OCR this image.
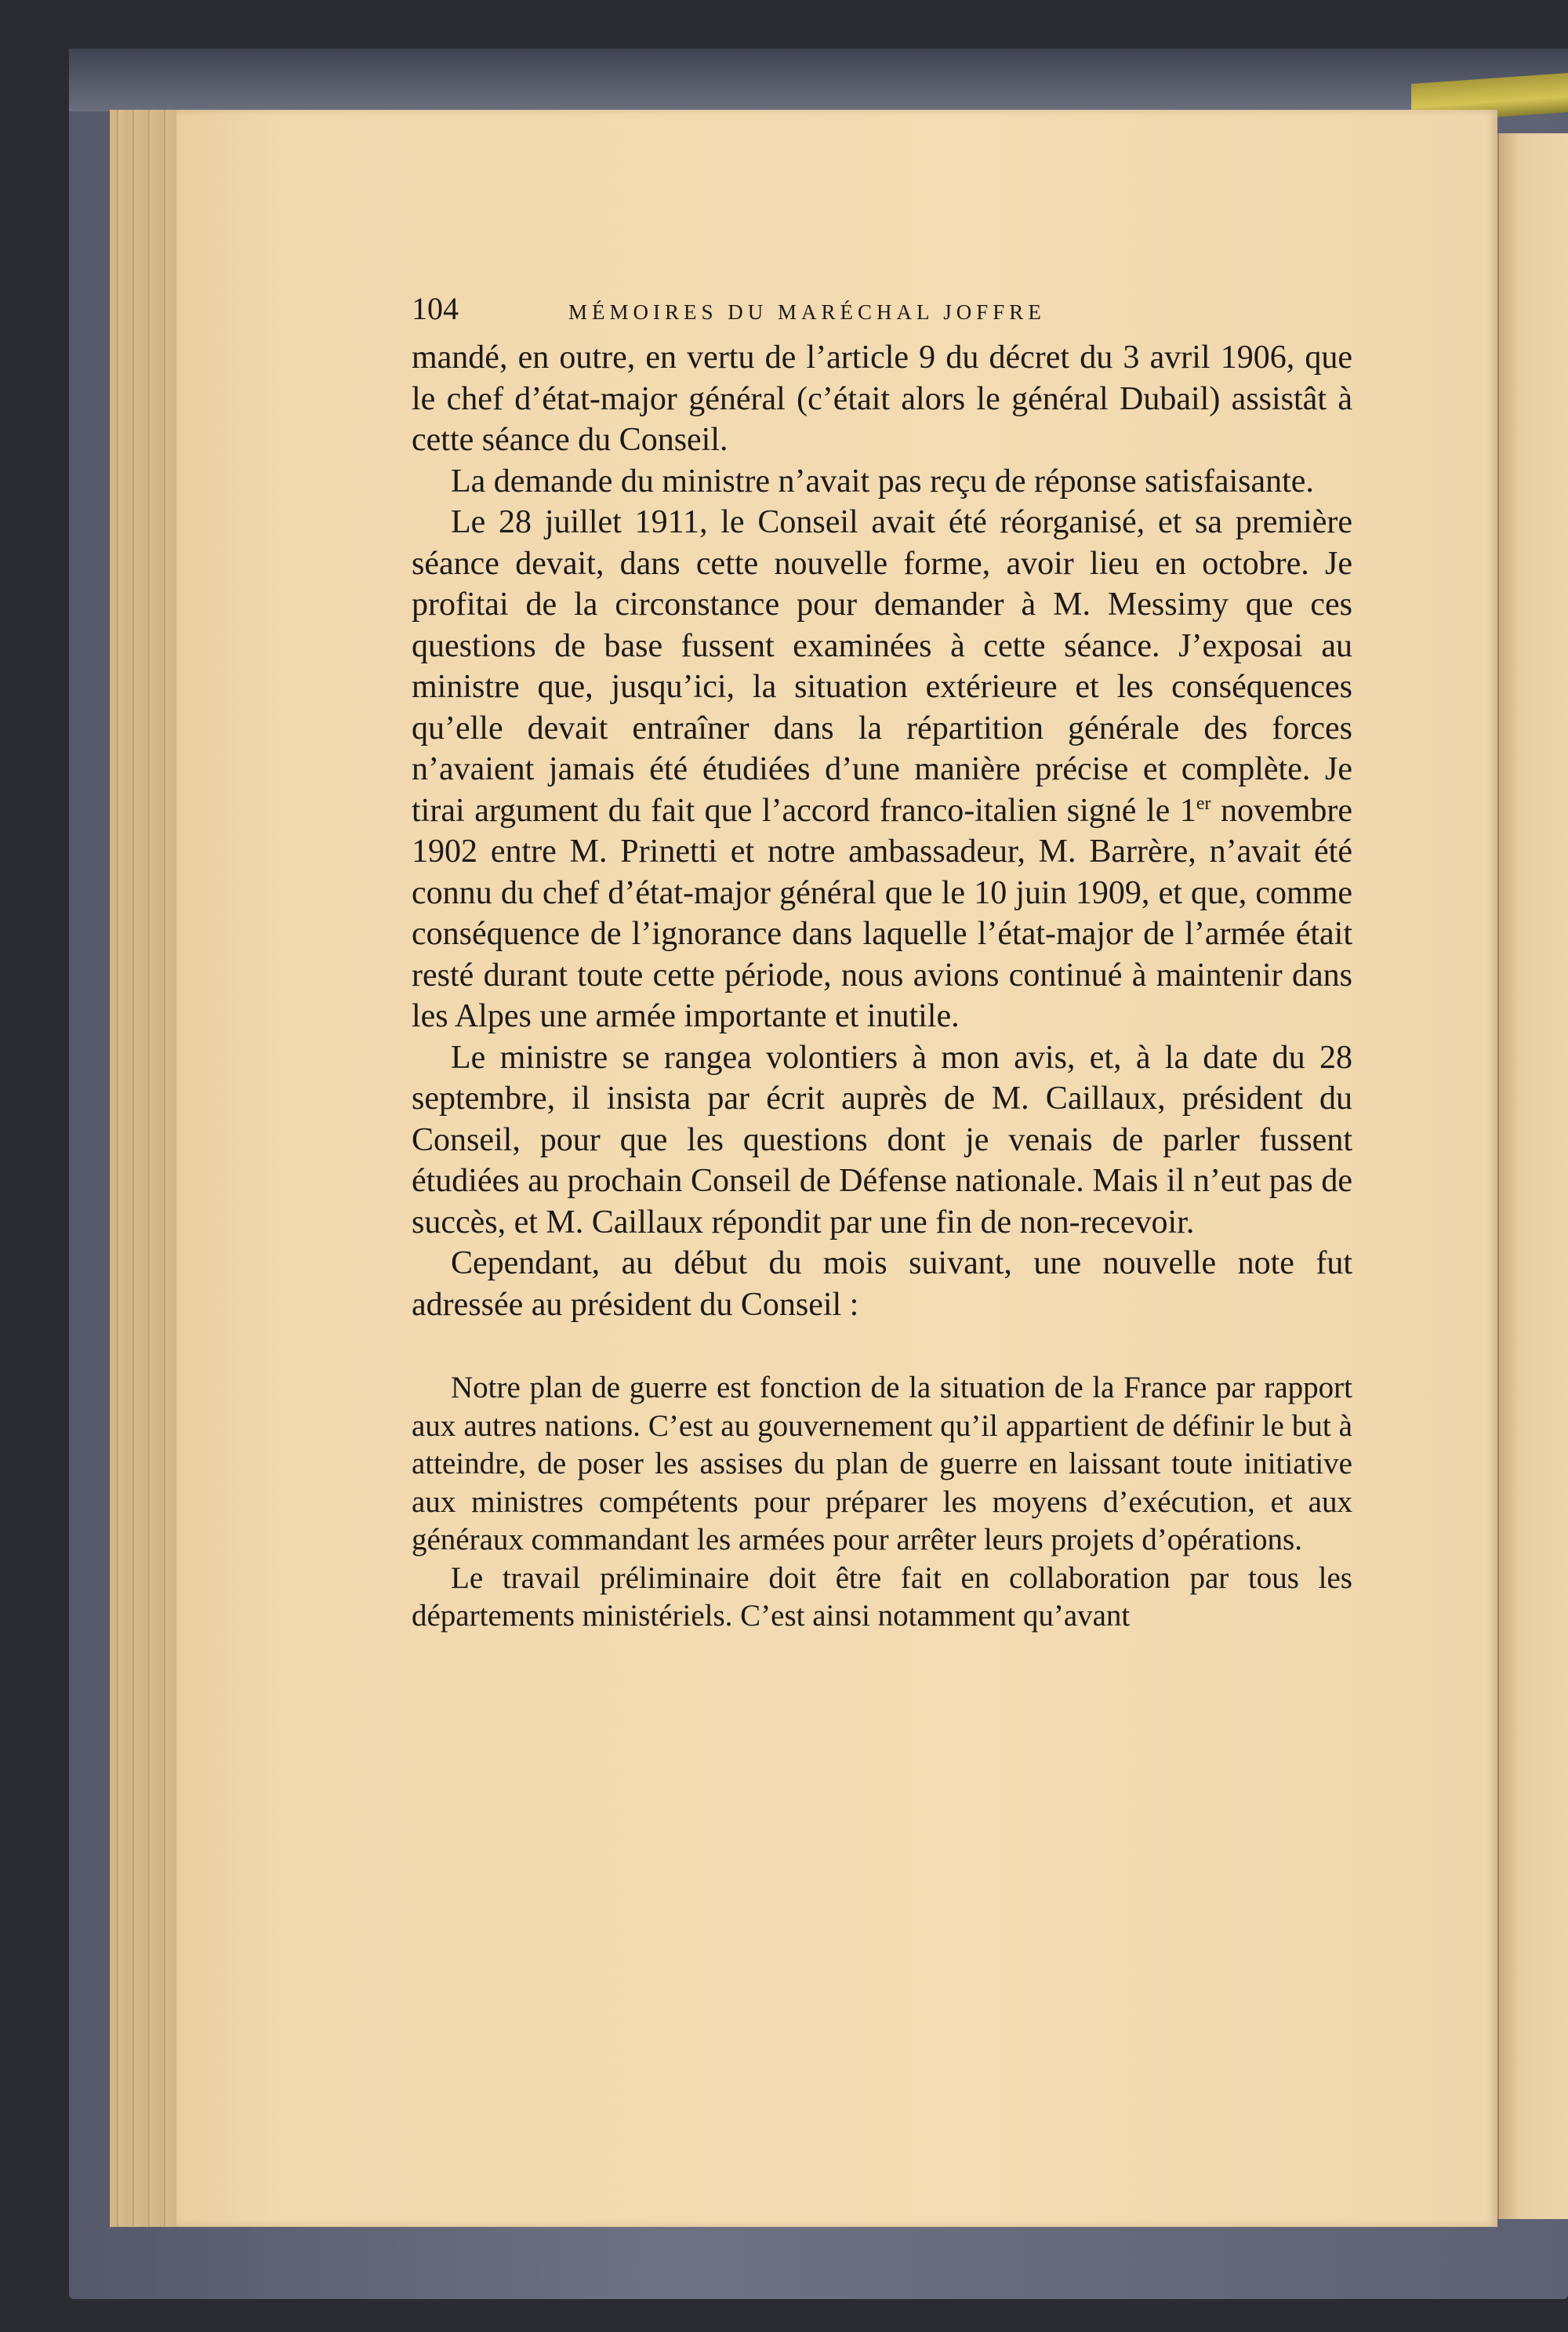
104	MÉMOIRES DU MARÉCHAL JOFFRE

mandé, en outre, en vertu de l’article 9 du décret du 3 avril 1906, que le chef d’état-major général (c’était alors le général Dubail) assistât à cette séance du Conseil.

La demande du ministre n’avait pas reçu de réponse satisfaisante.

Le 28 juillet 1911, le Conseil avait été réorganisé, et sa première séance devait, dans cette nouvelle forme, avoir lieu en octobre. Je profitai de la circonstance pour demander à M. Messimy que ces questions de base fussent examinées à cette séance. J’exposai au ministre que, jusqu’ici, la situation extérieure et les conséquences qu’elle devait entraîner dans la répartition générale des forces n’avaient jamais été étudiées d’une manière précise et complète. Je tirai argument du fait que l’accord franco-italien signé le 1er novembre 1902 entre M. Prinetti et notre ambassadeur, M. Barrère, n’avait été connu du chef d’état-major général que le 10 juin 1909, et que, comme conséquence de l’ignorance dans laquelle l’état-major de l’armée était resté durant toute cette période, nous avions continué à maintenir dans les Alpes une armée importante et inutile.

Le ministre se rangea volontiers à mon avis, et, à la date du 28 septembre, il insista par écrit auprès de M. Caillaux, président du Conseil, pour que les questions dont je venais de parler fussent étudiées au prochain Conseil de Défense nationale. Mais il n’eut pas de succès, et M. Caillaux répondit par une fin de non-recevoir.

Cependant, au début du mois suivant, une nouvelle note fut adressée au président du Conseil :

Notre plan de guerre est fonction de la situation de la France par rapport aux autres nations. C’est au gouvernement qu’il appartient de définir le but à atteindre, de poser les assises du plan de guerre en laissant toute initiative aux ministres compétents pour préparer les moyens d’exécution, et aux généraux commandant les armées pour arrêter leurs projets d’opérations.

Le travail préliminaire doit être fait en collaboration par tous les départements ministériels. C’est ainsi notamment qu’avant
